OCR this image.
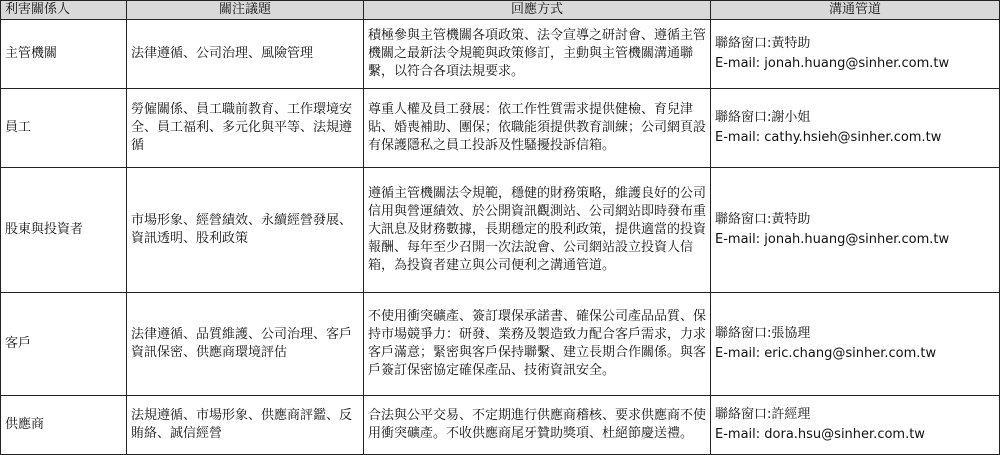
利害關係人	關注議題	回應方式	溝通管道
主管機關	法律遵循、公司治理、風險管理	積極參與主管機關各項政策、法令宣導之研討會、遵循主管機關之最新法令規範與政策修訂，主動與主管機關溝通聯繫，以符合各項法規要求。	聯絡窗口:黃特助
E-mail: jonah.huang@sinher.com.tw

員工	勞僱關係、員工職前教育、工作環境安全、員工福利、多元化與平等、法規遵循	尊重人權及員工發展：依工作性質需求提供健檢、育兒津貼、婚喪補助、團保；依職能須提供教育訓練；公司網頁設有保護隱私之員工投訴及性騷擾投訴信箱。	聯絡窗口:謝小姐
E-mail: cathy.hsieh@sinher.com.tw

股東與投資者	市場形象、經營績效、永續經營發展、資訊透明、股利政策	遵循主管機關法令規範，穩健的財務策略，維護良好的公司信用與營運績效、於公開資訊觀測站、公司網站即時發布重大訊息及財務數據，長期穩定的股利政策，提供適當的投資報酬、每年至少召開一次法說會、公司網站設立投資人信箱，為投資者建立與公司便利之溝通管道。	聯絡窗口:黃特助
E-mail: jonah.huang@sinher.com.tw

客戶	法律遵循、品質維護、公司治理、客戶資訊保密、供應商環境評估	不使用衝突礦產、簽訂環保承諾書、確保公司產品品質、保持市場競爭力：研發、業務及製造致力配合客戶需求，力求客戶滿意；緊密與客戶保持聯繫、建立長期合作關係。與客戶簽訂保密協定確保產品、技術資訊安全。	聯絡窗口:張協理
E-mail: eric.chang@sinher.com.tw

供應商	法規遵循、市場形象、供應商評鑑、反賄絡、誠信經營	合法與公平交易、不定期進行供應商稽核、要求供應商不使用衝突礦產。不收供應商尾牙贊助獎項、杜絕節慶送禮。	聯絡窗口:許經理
E-mail: dora.hsu@sinher.com.tw
